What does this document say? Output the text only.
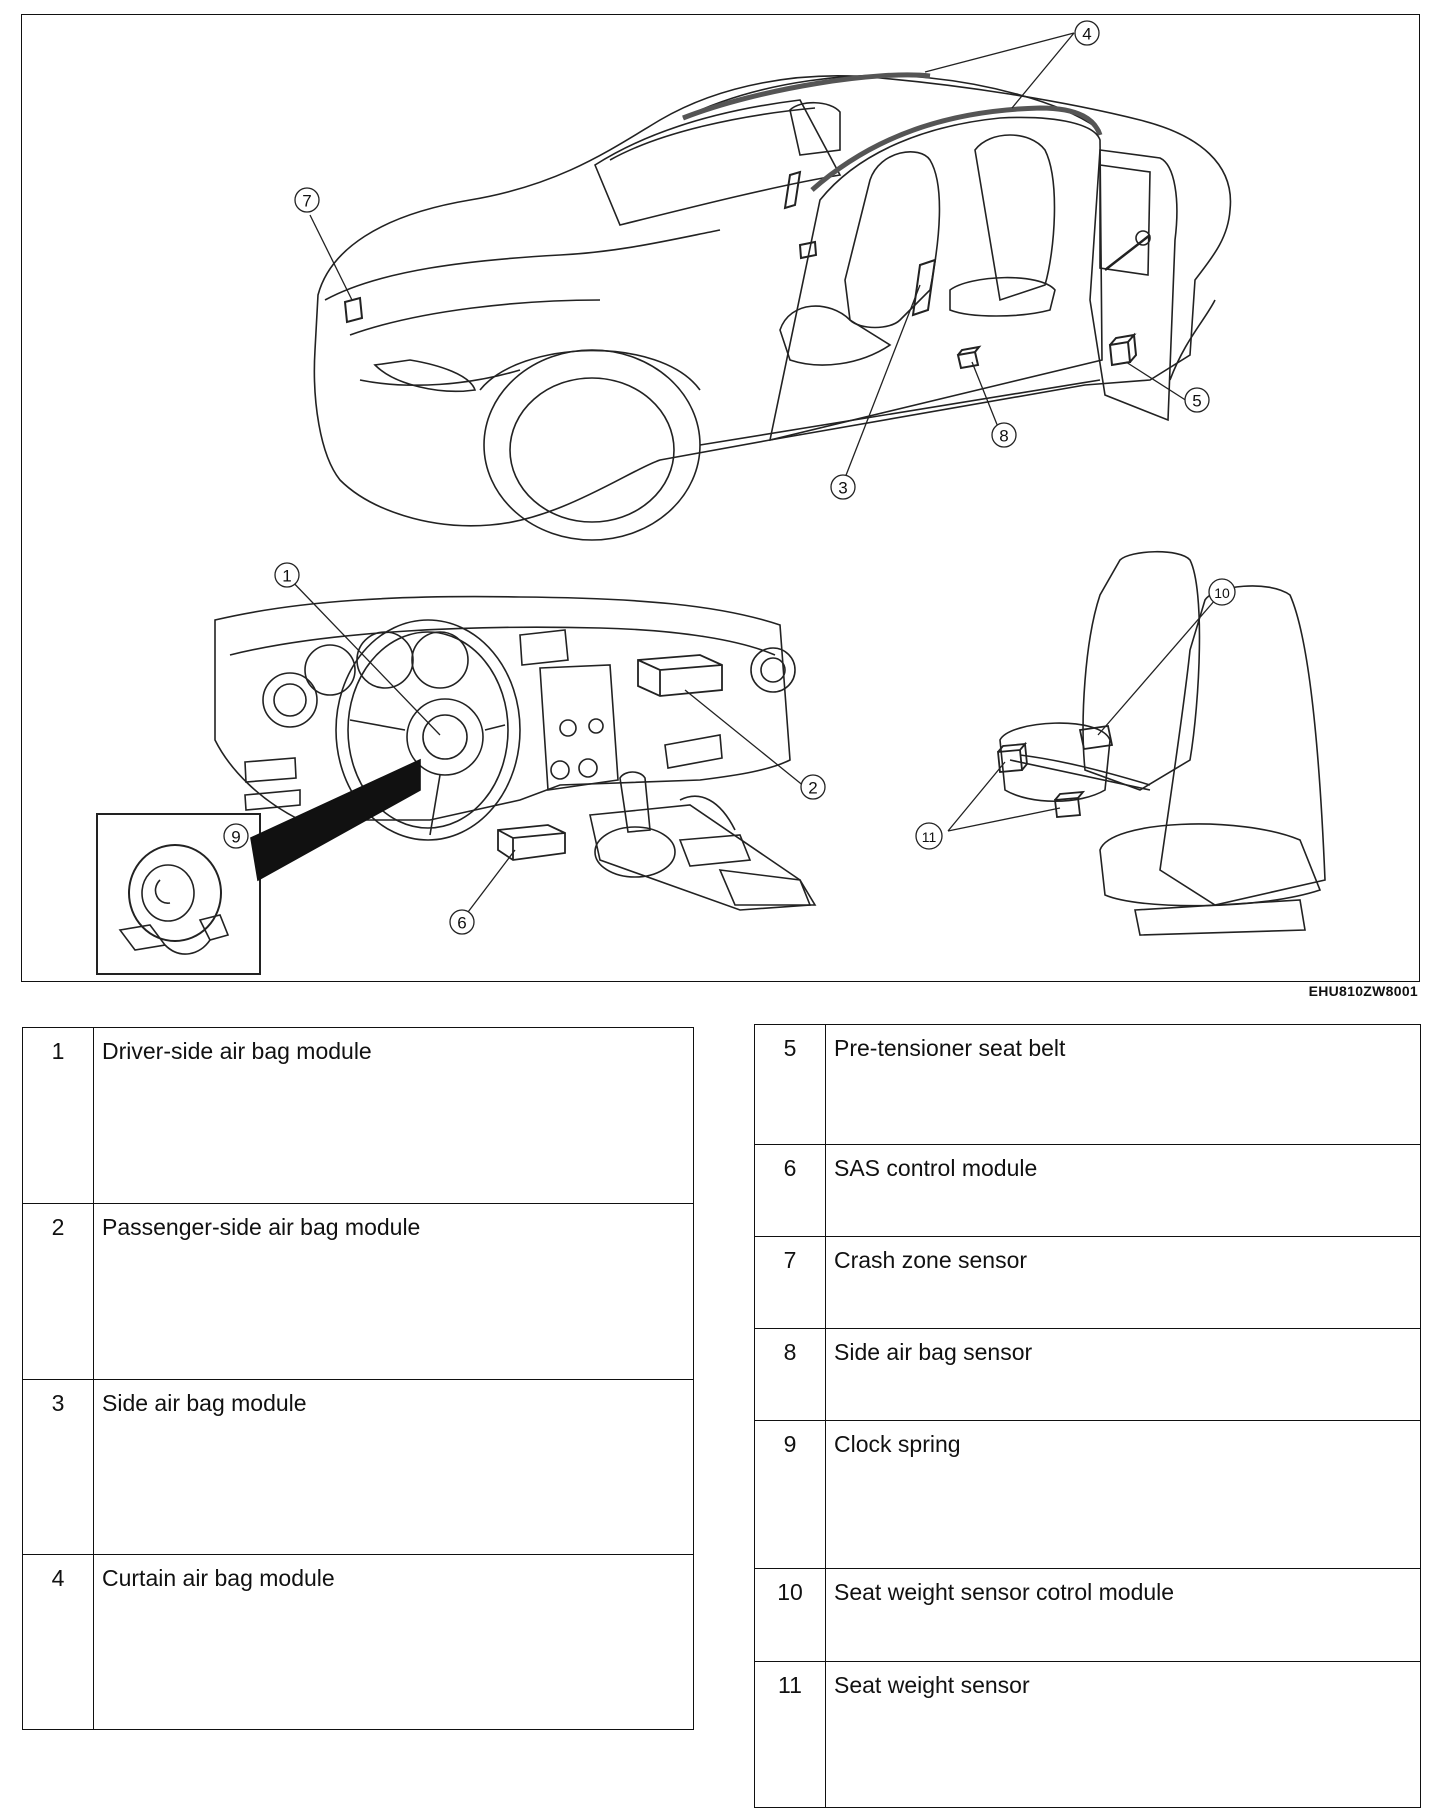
4
7
3
8
5
1
2
6
9
10
11
EHU810ZW8001
1	Driver-side air bag module
2	Passenger-side air bag module
3	Side air bag module
4	Curtain air bag module
5	Pre-tensioner seat belt
6	SAS control module
7	Crash zone sensor
8	Side air bag sensor
9	Clock spring
10	Seat weight sensor cotrol module
11	Seat weight sensor
